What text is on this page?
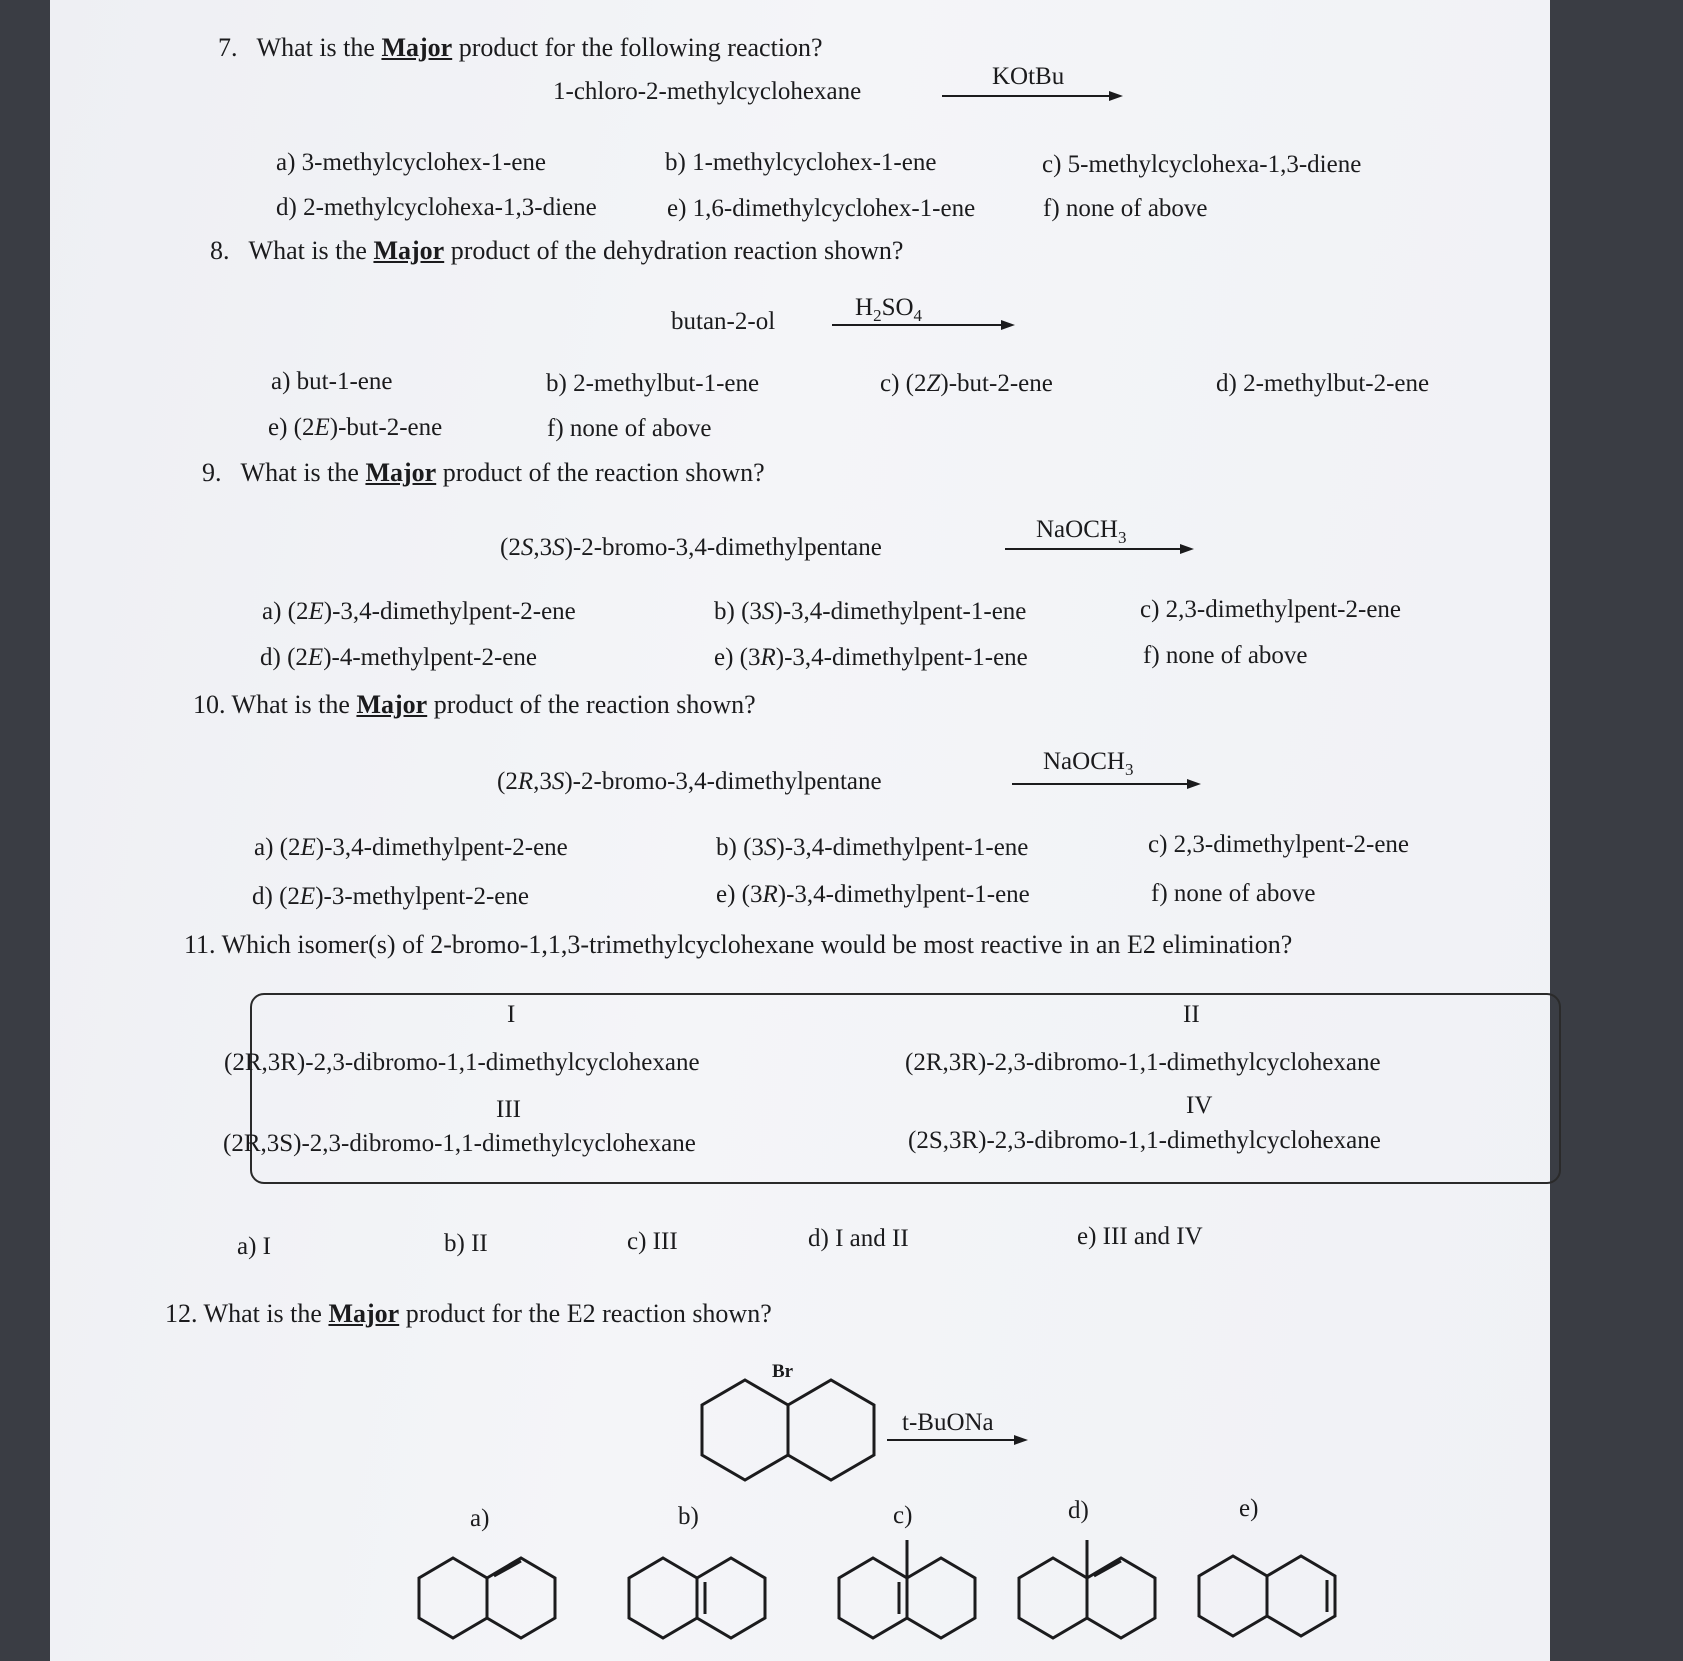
7. What is the Major product for the following reaction?
1-chloro-2-methylcyclohexane
KOtBu
a) 3-methylcyclohex-1-ene	b) 1-methylcyclohex-1-ene	c) 5-methylcyclohexa-1,3-diene
d) 2-methylcyclohexa-1,3-diene	e) 1,6-dimethylcyclohex-1-ene	f) none of above
8. What is the Major product of the dehydration reaction shown?
butan-2-ol
$H_2SO_4$
a) but-1-ene	b) 2-methylbut-1-ene	c) (2Z)-but-2-ene	d) 2-methylbut-2-ene
e) (2E)-but-2-ene	f) none of above
9. What is the Major product of the reaction shown?
(2S,3S)-2-bromo-3,4-dimethylpentane
NaOCH$_3$
a) (2E)-3,4-dimethylpent-2-ene	b) (3S)-3,4-dimethylpent-1-ene	c) 2,3-dimethylpent-2-ene
d) (2E)-4-methylpent-2-ene	e) (3R)-3,4-dimethylpent-1-ene	f) none of above
10. What is the Major product of the reaction shown?
(2R,3S)-2-bromo-3,4-dimethylpentane
NaOCH$_3$
a) (2E)-3,4-dimethylpent-2-ene	b) (3S)-3,4-dimethylpent-1-ene	c) 2,3-dimethylpent-2-ene
d) (2E)-3-methylpent-2-ene	e) (3R)-3,4-dimethylpent-1-ene	f) none of above
11. Which isomer(s) of 2-bromo-1,1,3-trimethylcyclohexane would be most reactive in an E2 elimination?
I	II
(2R,3R)-2,3-dibromo-1,1-dimethylcyclohexane	(2R,3R)-2,3-dibromo-1,1-dimethylcyclohexane
III	IV
(2R,3S)-2,3-dibromo-1,1-dimethylcyclohexane	(2S,3R)-2,3-dibromo-1,1-dimethylcyclohexane
a) I	b) II	c) III	d) I and II	e) III and IV
12. What is the Major product for the E2 reaction shown?
Br
t-BuONa
a)	b)	c)	d)	e)
